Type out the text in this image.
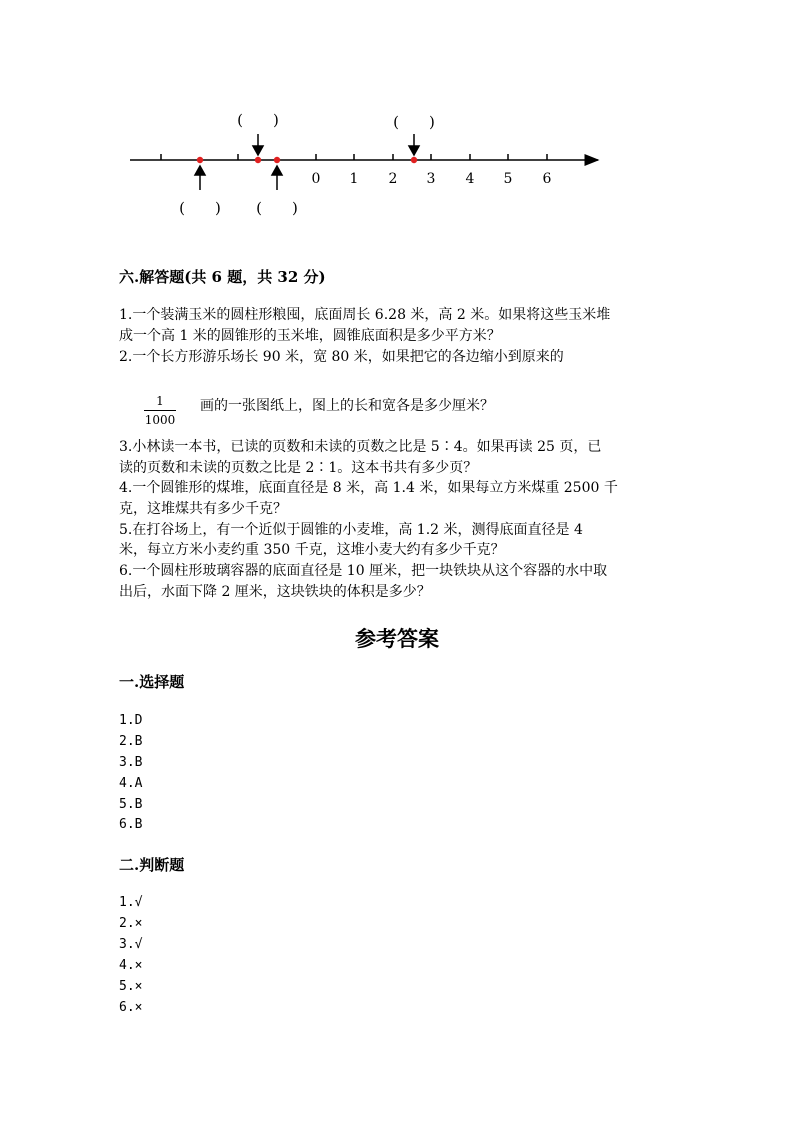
0 1 2 3 4 5 6
(　　)	(　　)
(　　) (　　)
六.解答题(共 6 题，共 32 分)
1.一个装满玉米的圆柱形粮囤，底面周长 6.28 米，高 2 米。如果将这些玉米堆
成一个高 1 米的圆锥形的玉米堆，圆锥底面积是多少平方米？
2.一个长方形游乐场长 90 米，宽 80 米，如果把它的各边缩小到原来的
1
1000
画的一张图纸上，图上的长和宽各是多少厘米？
3.小林读一本书，已读的页数和未读的页数之比是 5∶4。如果再读 25 页，已
读的页数和未读的页数之比是 2∶1。这本书共有多少页？
4.一个圆锥形的煤堆，底面直径是 8 米，高 1.4 米，如果每立方米煤重 2500 千
克，这堆煤共有多少千克？
5.在打谷场上，有一个近似于圆锥的小麦堆，高 1.2 米，测得底面直径是 4
米，每立方米小麦约重 350 千克，这堆小麦大约有多少千克？
6.一个圆柱形玻璃容器的底面直径是 10 厘米，把一块铁块从这个容器的水中取
出后，水面下降 2 厘米，这块铁块的体积是多少？
参考答案
一.选择题
1.D
2.B
3.B
4.A
5.B
6.B
二.判断题
1.√
2.×
3.√
4.×
5.×
6.×
